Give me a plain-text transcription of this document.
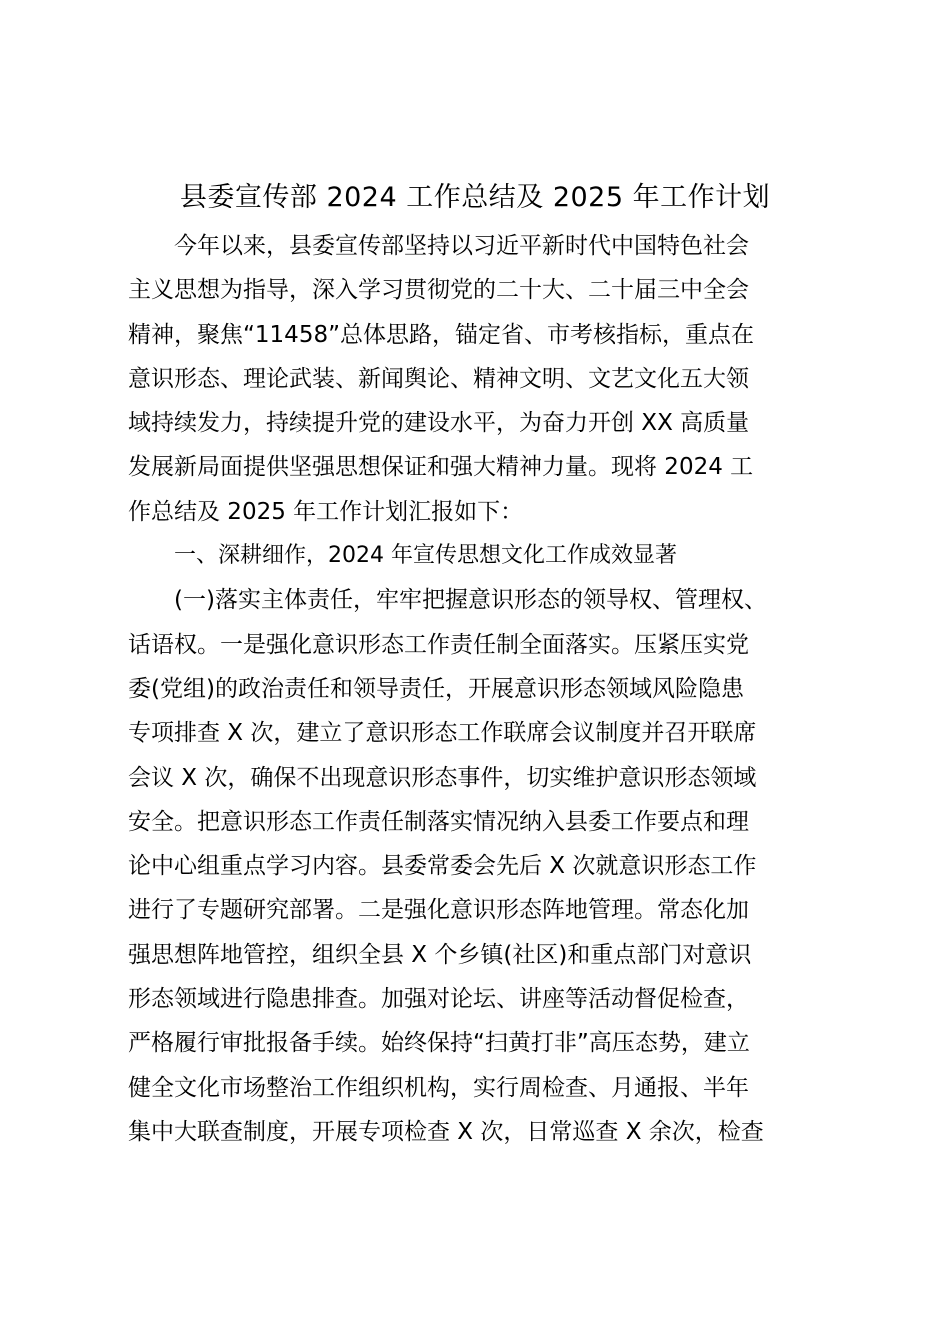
县委宣传部 2024 工作总结及 2025 年工作计划
今年以来，县委宣传部坚持以习近平新时代中国特色社会
主义思想为指导，深入学习贯彻党的二十大、二十届三中全会
精神，聚焦“11458”总体思路，锚定省、市考核指标，重点在
意识形态、理论武装、新闻舆论、精神文明、文艺文化五大领
域持续发力，持续提升党的建设水平，为奋力开创 XX 高质量
发展新局面提供坚强思想保证和强大精神力量。现将 2024 工
作总结及 2025 年工作计划汇报如下：
一、深耕细作，2024 年宣传思想文化工作成效显著
(一)落实主体责任，牢牢把握意识形态的领导权、管理权、
话语权。一是强化意识形态工作责任制全面落实。压紧压实党
委(党组)的政治责任和领导责任，开展意识形态领域风险隐患
专项排查 X 次，建立了意识形态工作联席会议制度并召开联席
会议 X 次，确保不出现意识形态事件，切实维护意识形态领域
安全。把意识形态工作责任制落实情况纳入县委工作要点和理
论中心组重点学习内容。县委常委会先后 X 次就意识形态工作
进行了专题研究部署。二是强化意识形态阵地管理。常态化加
强思想阵地管控，组织全县 X 个乡镇(社区)和重点部门对意识
形态领域进行隐患排查。加强对论坛、讲座等活动督促检查，
严格履行审批报备手续。始终保持“扫黄打非”高压态势，建立
健全文化市场整治工作组织机构，实行周检查、月通报、半年
集中大联查制度，开展专项检查 X 次，日常巡查 X 余次，检查
